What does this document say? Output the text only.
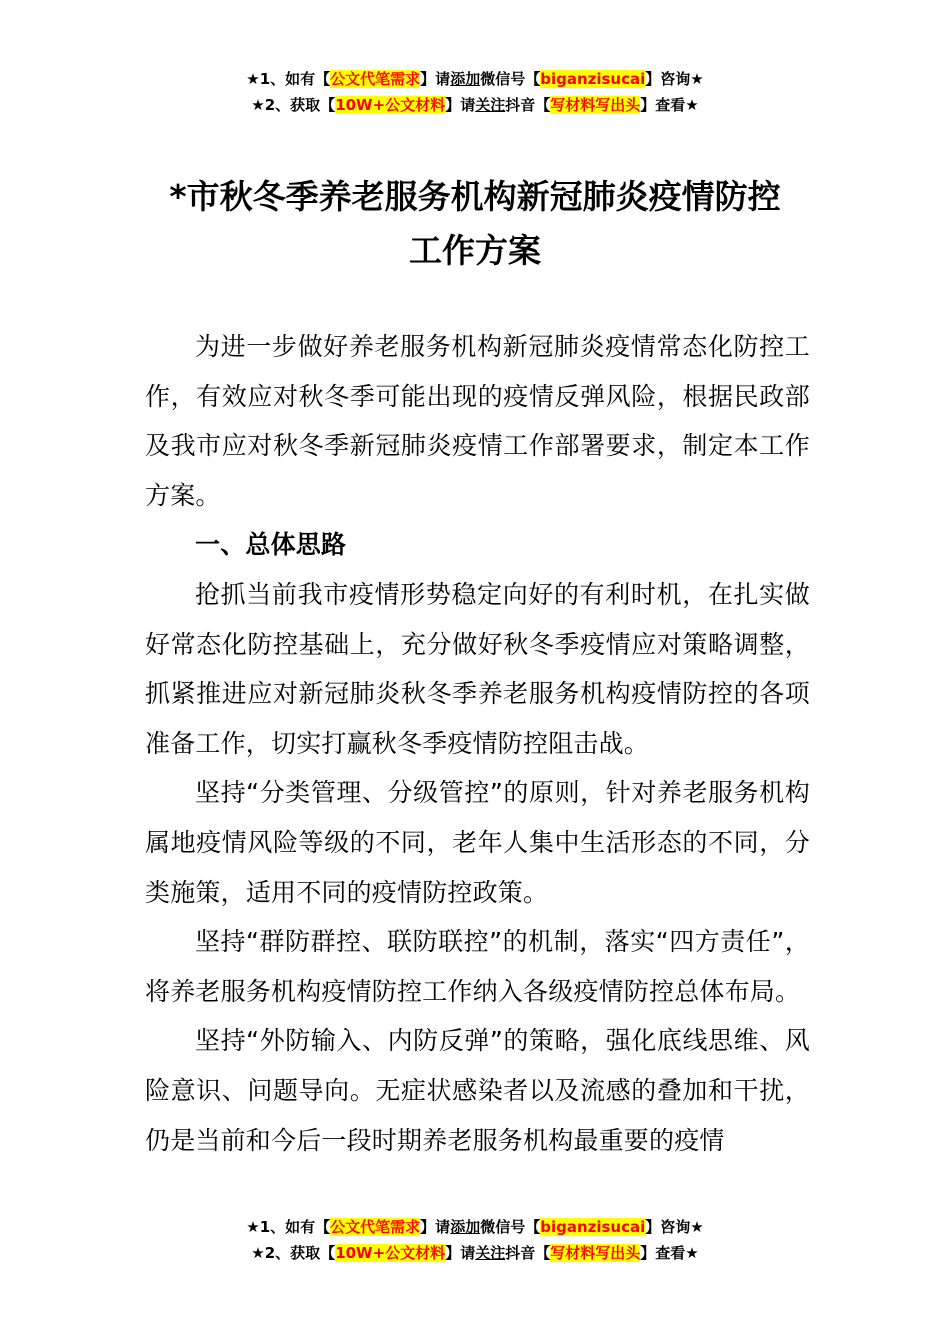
★1、如有【公文代笔需求】请添加微信号【biganzisucai】咨询★
★2、获取【10W+公文材料】请关注抖音【写材料写出头】查看★
*市秋冬季养老服务机构新冠肺炎疫情防控
工作方案

为进一步做好养老服务机构新冠肺炎疫情常态化防控工作，有效应对秋冬季可能出现的疫情反弹风险，根据民政部及我市应对秋冬季新冠肺炎疫情工作部署要求，制定本工作方案。

一、总体思路

抢抓当前我市疫情形势稳定向好的有利时机，在扎实做好常态化防控基础上，充分做好秋冬季疫情应对策略调整，抓紧推进应对新冠肺炎秋冬季养老服务机构疫情防控的各项准备工作，切实打赢秋冬季疫情防控阻击战。

坚持“分类管理、分级管控”的原则，针对养老服务机构属地疫情风险等级的不同，老年人集中生活形态的不同，分类施策，适用不同的疫情防控政策。

坚持“群防群控、联防联控”的机制，落实“四方责任”，将养老服务机构疫情防控工作纳入各级疫情防控总体布局。

坚持“外防输入、内防反弹”的策略，强化底线思维、风险意识、问题导向。无症状感染者以及流感的叠加和干扰，仍是当前和今后一段时期养老服务机构最重要的疫情

★1、如有【公文代笔需求】请添加微信号【biganzisucai】咨询★
★2、获取【10W+公文材料】请关注抖音【写材料写出头】查看★
